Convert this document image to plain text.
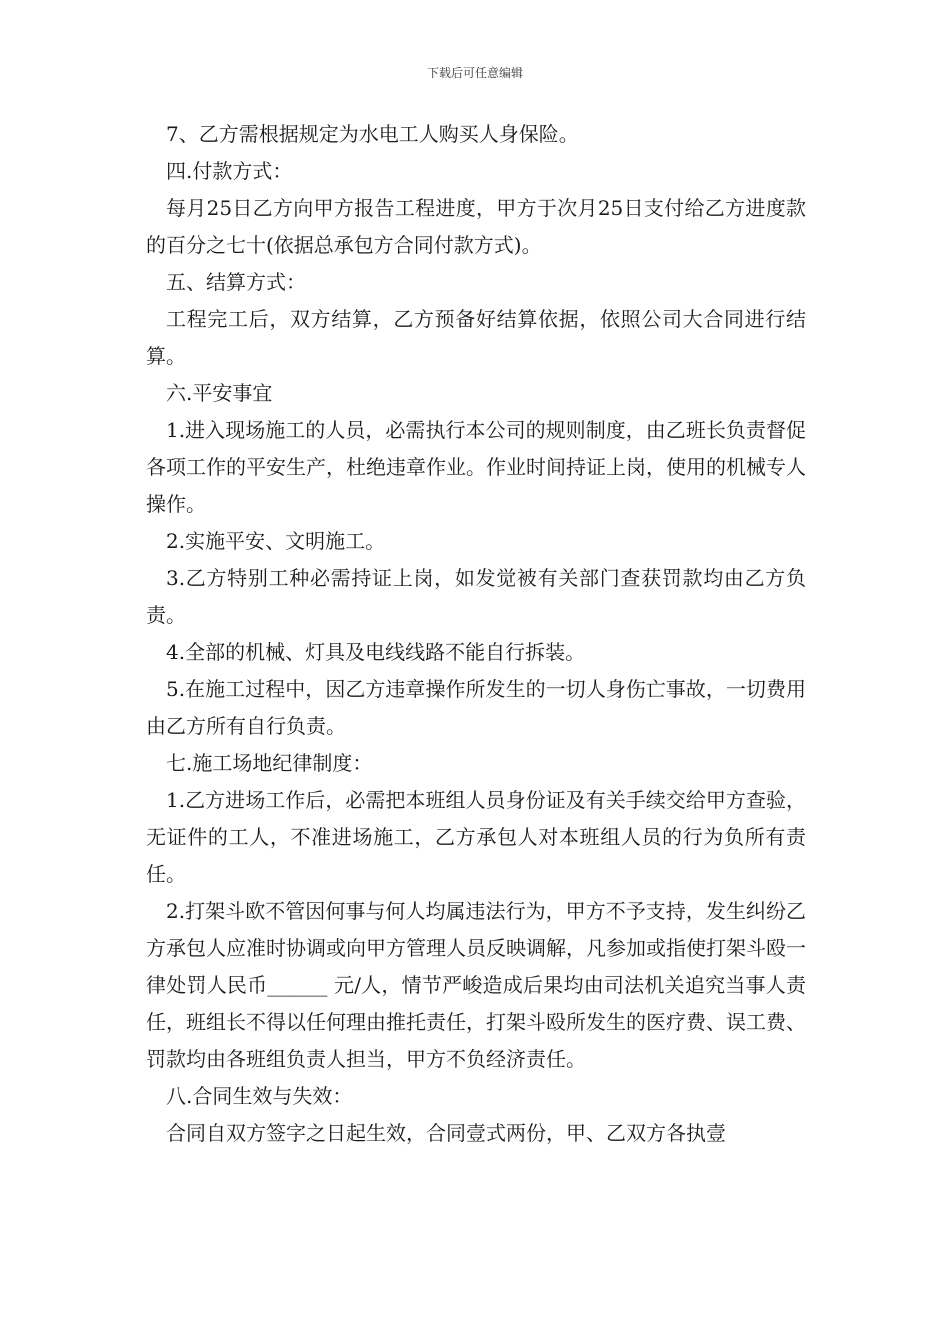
下载后可任意编辑

7、乙方需根据规定为水电工人购买人身保险。

四.付款方式：

每月25日乙方向甲方报告工程进度，甲方于次月25日支付给乙方进度款的百分之七十(依据总承包方合同付款方式)。

五、结算方式：

工程完工后，双方结算，乙方预备好结算依据，依照公司大合同进行结算。

六.平安事宜

1.进入现场施工的人员，必需执行本公司的规则制度，由乙班长负责督促各项工作的平安生产，杜绝违章作业。作业时间持证上岗，使用的机械专人操作。

2.实施平安、文明施工。

3.乙方特别工种必需持证上岗，如发觉被有关部门查获罚款均由乙方负责。

4.全部的机械、灯具及电线线路不能自行拆装。

5.在施工过程中，因乙方违章操作所发生的一切人身伤亡事故，一切费用由乙方所有自行负责。

七.施工场地纪律制度：

1.乙方进场工作后，必需把本班组人员身份证及有关手续交给甲方查验，无证件的工人，不准进场施工，乙方承包人对本班组人员的行为负所有责任。

2.打架斗欧不管因何事与何人均属违法行为，甲方不予支持，发生纠纷乙方承包人应准时协调或向甲方管理人员反映调解，凡参加或指使打架斗殴一律处罚人民币______ 元/人，情节严峻造成后果均由司法机关追究当事人责任，班组长不得以任何理由推托责任，打架斗殴所发生的医疗费、误工费、罚款均由各班组负责人担当，甲方不负经济责任。

八.合同生效与失效：

合同自双方签字之日起生效，合同壹式两份，甲、乙双方各执壹
